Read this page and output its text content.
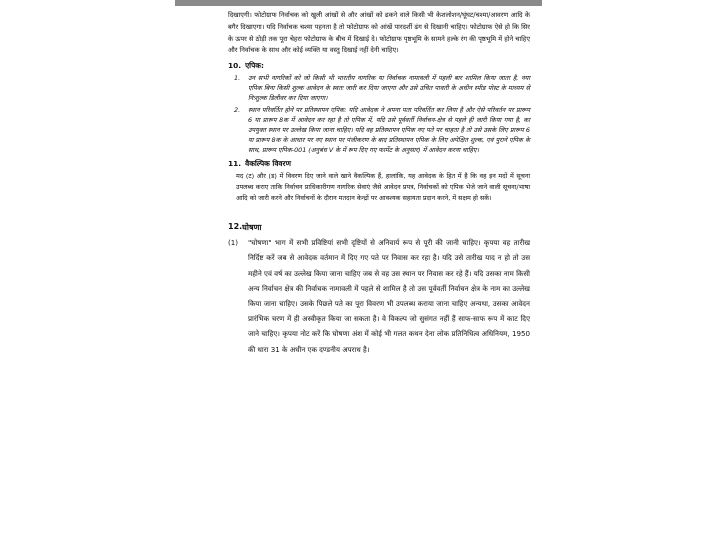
दिखाएगी। फोटोग्राफ निर्वाचक को खुली आंखों से और आंखों को ढकने वाले किसी भी केशलोशन/घूंघट/चश्मा/आवरण आदि के बगैर दिखाएगा। यदि निर्वाचक चश्मा पहनता है तो फोटोग्राफ को आंखें पारदर्शी ढंग से दिखानी चाहिए। फोटोग्राफ ऐसे हो कि सिर के ऊपर से ठोड़ी तक पूरा चेहरा फोटोग्राफ के बीच में दिखाई दे। फोटोग्राफ पृष्ठभूमि के सामने हल्के रंग की पृष्ठभूमि में होने चाहिए और निर्वाचक के साथ और कोई व्यक्ति या वस्तु दिखाई नहीं देनी चाहिए।

10. एपिक:
1.	उन सभी नागरिकों को जो किसी भी भारतीय नागरिक या निर्वाचक नामावली में पहली बार शामिल किया जाता है, नया एपिक बिना किसी शुल्क आवेदन के स्वतः जारी कर दिया जाएगा और उसे उचित पावती के अधीन स्पीड पोस्ट के माध्यम से निःशुल्क डिलीवर कर दिया जाएगा।
2.	स्थान परिवर्तित होने पर प्रतिस्थापन एपिक: यदि आवेदक ने अपना पता परिवर्तित कर लिया है और ऐसे परिवर्तन पर प्रारूप 6 या प्रारूप 8क में आवेदन कर रहा है तो एपिक में, यदि उसे पूर्ववर्ती निर्वाचन-क्षेत्र से पहले ही जारी किया गया है, का उपयुक्त स्थान पर उल्लेख किया जाना चाहिए। यदि वह प्रतिस्थापन एपिक नए पते पर चाहता है तो उसे उसके लिए प्रारूप 6 या प्रारूप 8क के आधार पर नए स्थान पर पंजीकरण के बाद प्रतिस्थापन एपिक के लिए अपेक्षित शुल्क, एवं पुराने एपिक के साथ, प्रारूप एपिक-001 (अनुबंध V के में रूप दिए गए फार्मेट के अनुसार) में आवेदन करना चाहिए।
11. वैकल्पिक विवरण

मद (ट) और (ड) में विवरण दिए जाने वाले खाने वैकल्पिक हैं, हालांकि, यह आवेदक के हित में है कि वह इन मदों में सूचना उपलब्ध कराए ताकि निर्वाचन प्राधिकारीगण नागरिक सेवाएं जैसे आवेदन प्रपत्र, निर्वाचकों को एपिक भेजे जाने वाली सूचना/भाषा आदि को जारी करने और निर्वाचनों के दौरान मतदान केन्द्रों पर आवश्यक सहायता प्रदान करने, में सक्षम हो सकें।

12. घोषणा
(1)	"घोषणा" भाग में सभी प्रविष्टियां सभी दृष्टियों से अनिवार्य रूप से पूरी की जानी चाहिए। कृपया वह तारीख निर्दिष्ट करें जब से आवेदक वर्तमान में दिए गए पते पर निवास कर रहा है। यदि उसे तारीख याद न हो तो उस महीने एवं वर्ष का उल्लेख किया जाना चाहिए जब से वह उस स्थान पर निवास कर रहे हैं। यदि उसका नाम किसी अन्य निर्वाचन क्षेत्र की निर्वाचक नामावली में पहले से शामिल है तो उस पूर्ववर्ती निर्वाचन क्षेत्र के नाम का उल्लेख किया जाना चाहिए। उसके पिछले पते का पूरा विवरण भी उपलब्ध कराया जाना चाहिए अन्यथा, उसका आवेदन प्रारंभिक चरण में ही अस्वीकृत किया जा सकता है। वे विकल्प जो सुसंगत नहीं हैं साफ-साफ रूप में काट दिए जाने चाहिए। कृपया नोट करें कि घोषणा अंश में कोई भी गलत कथन देना लोक प्रतिनिधित्व अधिनियम, 1950 की धारा 31 के अधीन एक दण्डनीय अपराध है।
